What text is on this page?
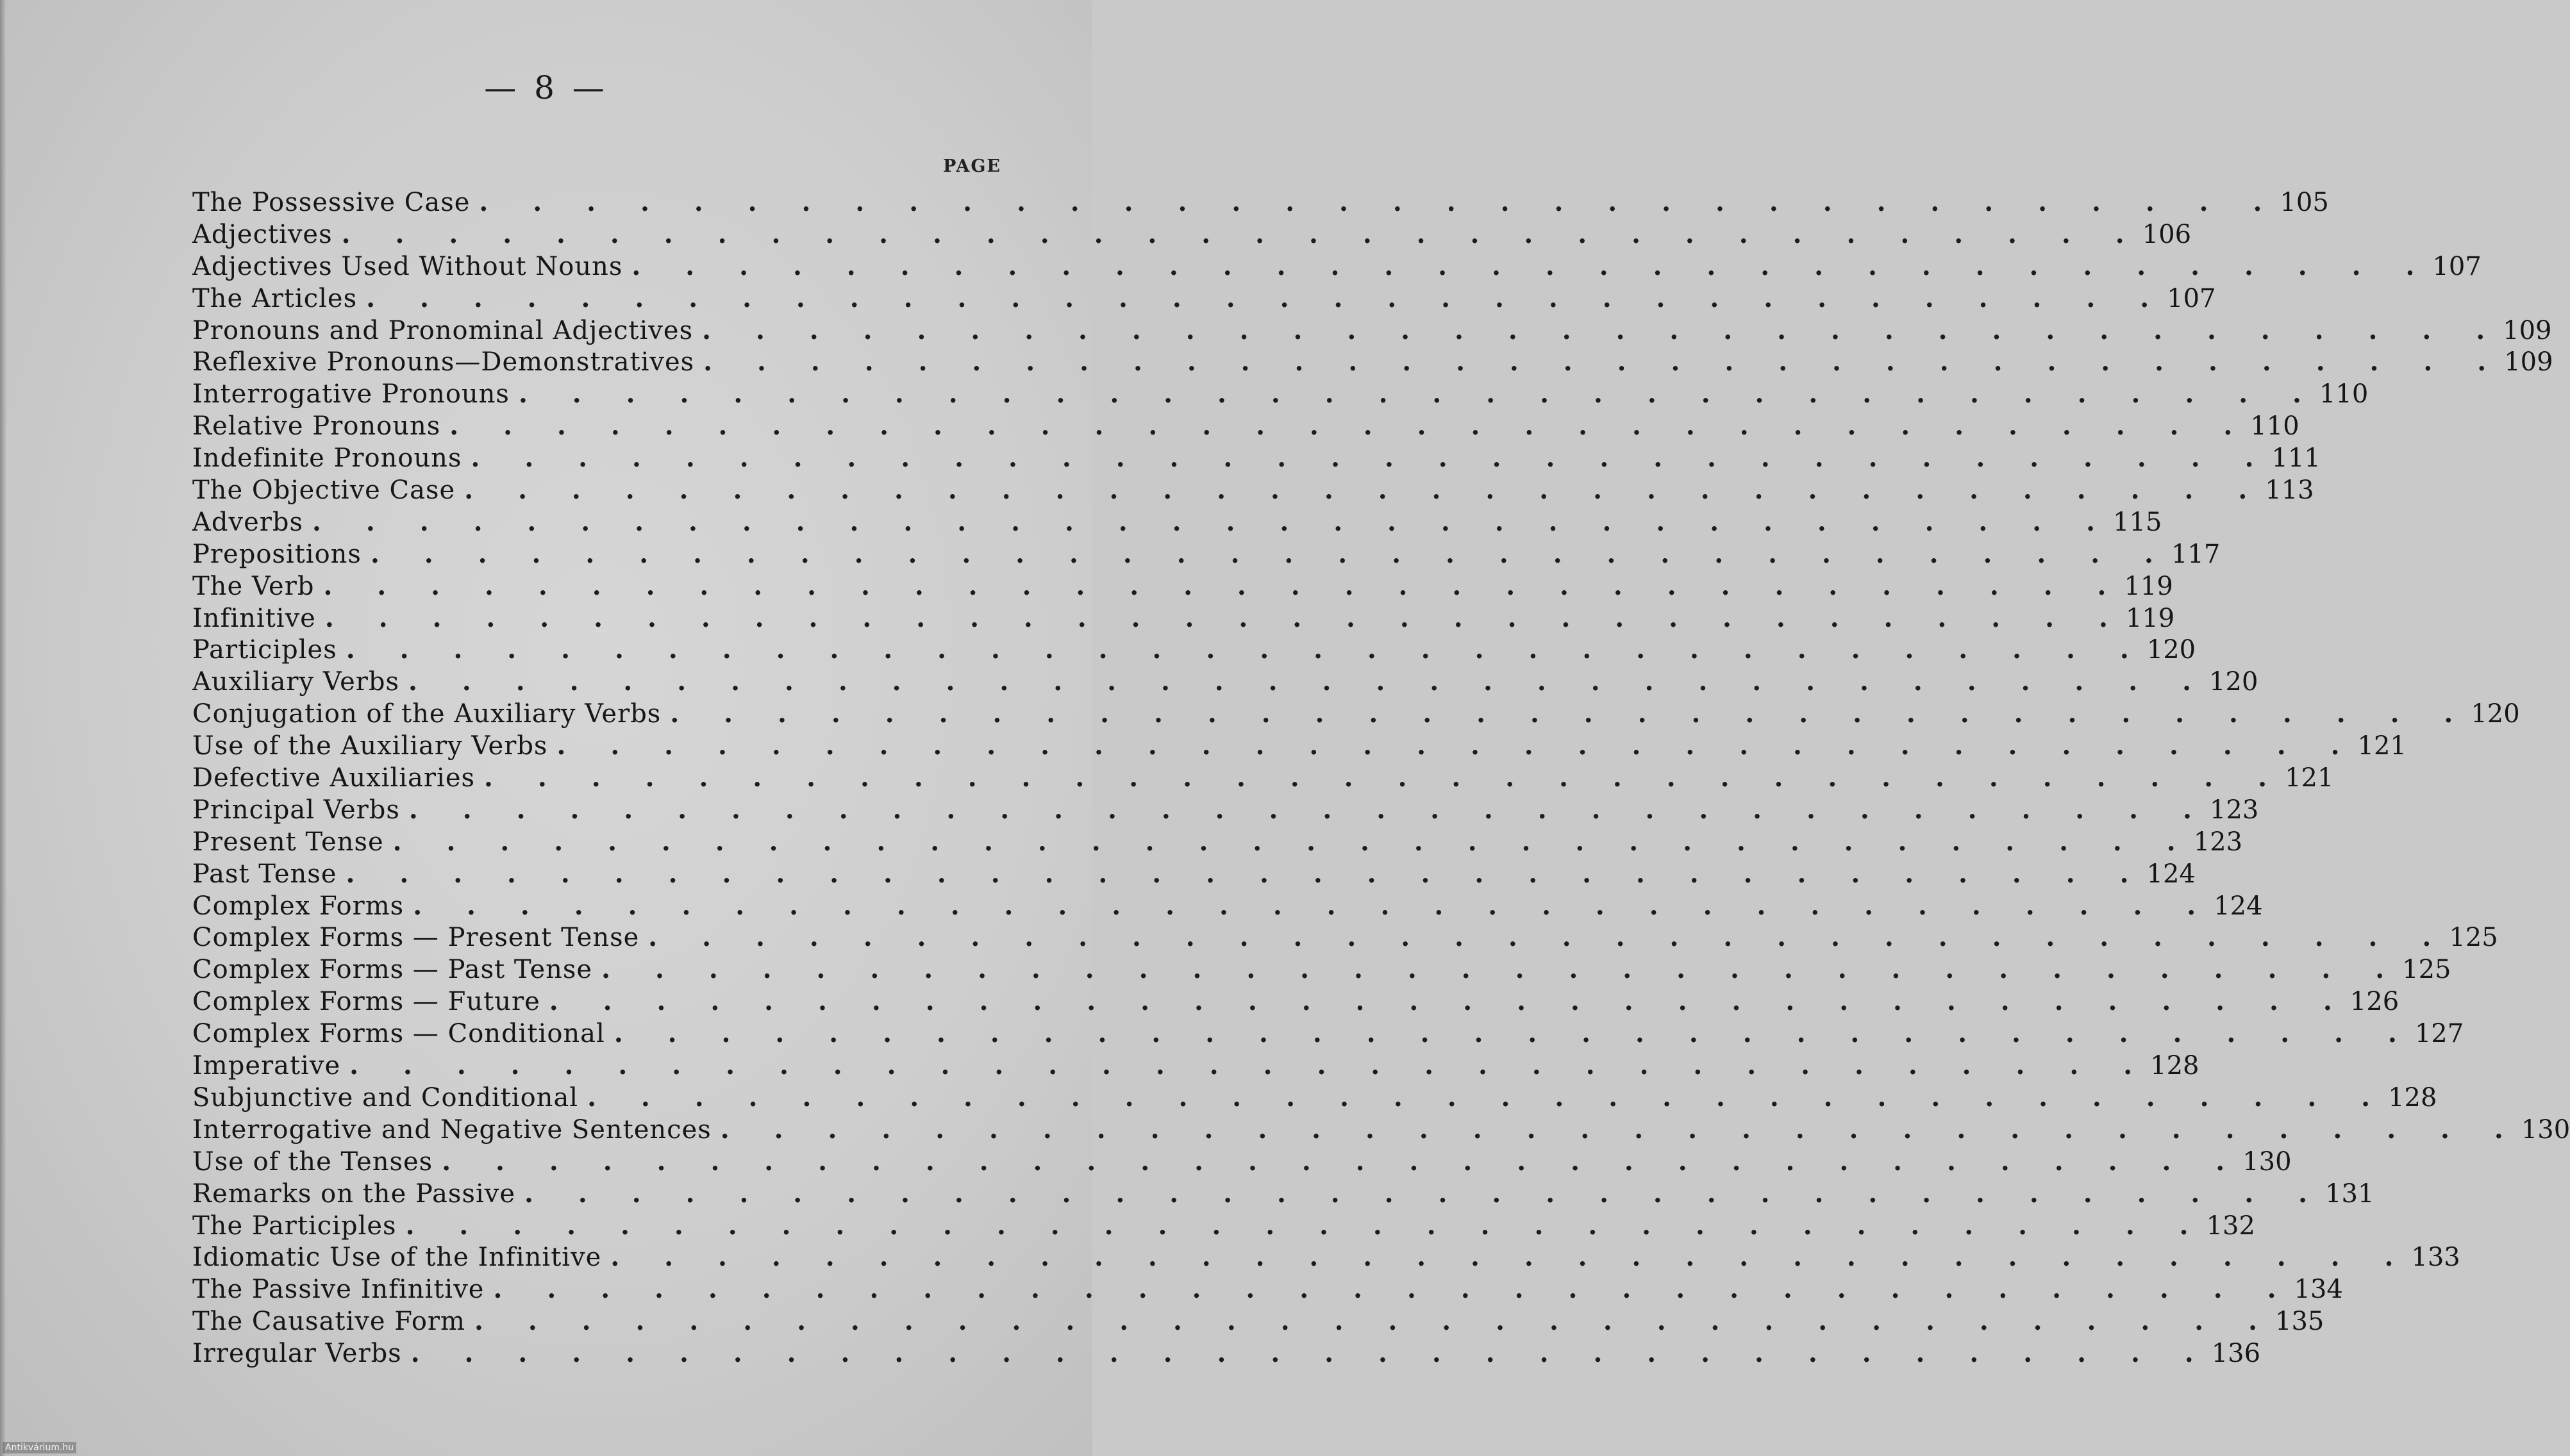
— 8 —
PAGE
The Possessive Case . . . . . . . . . . . . . . . . . . . . . . . . . . . . . . . . . . 105
Adjectives . . . . . . . . . . . . . . . . . . . . . . . . . . . . . . . . . . 106
Adjectives Used Without Nouns . . . . . . . . . . . . . . . . . . . . . . . . . . . . . . . . . . 107
The Articles . . . . . . . . . . . . . . . . . . . . . . . . . . . . . . . . . . 107
Pronouns and Pronominal Adjectives . . . . . . . . . . . . . . . . . . . . . . . . . . . . . . . . . . 109
Reflexive Pronouns—Demonstratives . . . . . . . . . . . . . . . . . . . . . . . . . . . . . . . . . . 109
Interrogative Pronouns . . . . . . . . . . . . . . . . . . . . . . . . . . . . . . . . . . 110
Relative Pronouns . . . . . . . . . . . . . . . . . . . . . . . . . . . . . . . . . . 110
Indefinite Pronouns . . . . . . . . . . . . . . . . . . . . . . . . . . . . . . . . . . 111
The Objective Case . . . . . . . . . . . . . . . . . . . . . . . . . . . . . . . . . . 113
Adverbs . . . . . . . . . . . . . . . . . . . . . . . . . . . . . . . . . . 115
Prepositions . . . . . . . . . . . . . . . . . . . . . . . . . . . . . . . . . . 117
The Verb . . . . . . . . . . . . . . . . . . . . . . . . . . . . . . . . . . 119
Infinitive . . . . . . . . . . . . . . . . . . . . . . . . . . . . . . . . . . 119
Participles . . . . . . . . . . . . . . . . . . . . . . . . . . . . . . . . . . 120
Auxiliary Verbs . . . . . . . . . . . . . . . . . . . . . . . . . . . . . . . . . . 120
Conjugation of the Auxiliary Verbs . . . . . . . . . . . . . . . . . . . . . . . . . . . . . . . . . . 120
Use of the Auxiliary Verbs . . . . . . . . . . . . . . . . . . . . . . . . . . . . . . . . . . 121
Defective Auxiliaries . . . . . . . . . . . . . . . . . . . . . . . . . . . . . . . . . . 121
Principal Verbs . . . . . . . . . . . . . . . . . . . . . . . . . . . . . . . . . . 123
Present Tense . . . . . . . . . . . . . . . . . . . . . . . . . . . . . . . . . . 123
Past Tense . . . . . . . . . . . . . . . . . . . . . . . . . . . . . . . . . . 124
Complex Forms . . . . . . . . . . . . . . . . . . . . . . . . . . . . . . . . . . 124
Complex Forms — Present Tense . . . . . . . . . . . . . . . . . . . . . . . . . . . . . . . . . . 125
Complex Forms — Past Tense . . . . . . . . . . . . . . . . . . . . . . . . . . . . . . . . . . 125
Complex Forms — Future . . . . . . . . . . . . . . . . . . . . . . . . . . . . . . . . . . 126
Complex Forms — Conditional . . . . . . . . . . . . . . . . . . . . . . . . . . . . . . . . . . 127
Imperative . . . . . . . . . . . . . . . . . . . . . . . . . . . . . . . . . . 128
Subjunctive and Conditional . . . . . . . . . . . . . . . . . . . . . . . . . . . . . . . . . . 128
Interrogative and Negative Sentences . . . . . . . . . . . . . . . . . . . . . . . . . . . . . . . . . . 130
Use of the Tenses . . . . . . . . . . . . . . . . . . . . . . . . . . . . . . . . . . 130
Remarks on the Passive . . . . . . . . . . . . . . . . . . . . . . . . . . . . . . . . . . 131
The Participles . . . . . . . . . . . . . . . . . . . . . . . . . . . . . . . . . . 132
Idiomatic Use of the Infinitive . . . . . . . . . . . . . . . . . . . . . . . . . . . . . . . . . . 133
The Passive Infinitive . . . . . . . . . . . . . . . . . . . . . . . . . . . . . . . . . . 134
The Causative Form . . . . . . . . . . . . . . . . . . . . . . . . . . . . . . . . . . 135
Irregular Verbs . . . . . . . . . . . . . . . . . . . . . . . . . . . . . . . . . . 136
Antikvárium.hu
